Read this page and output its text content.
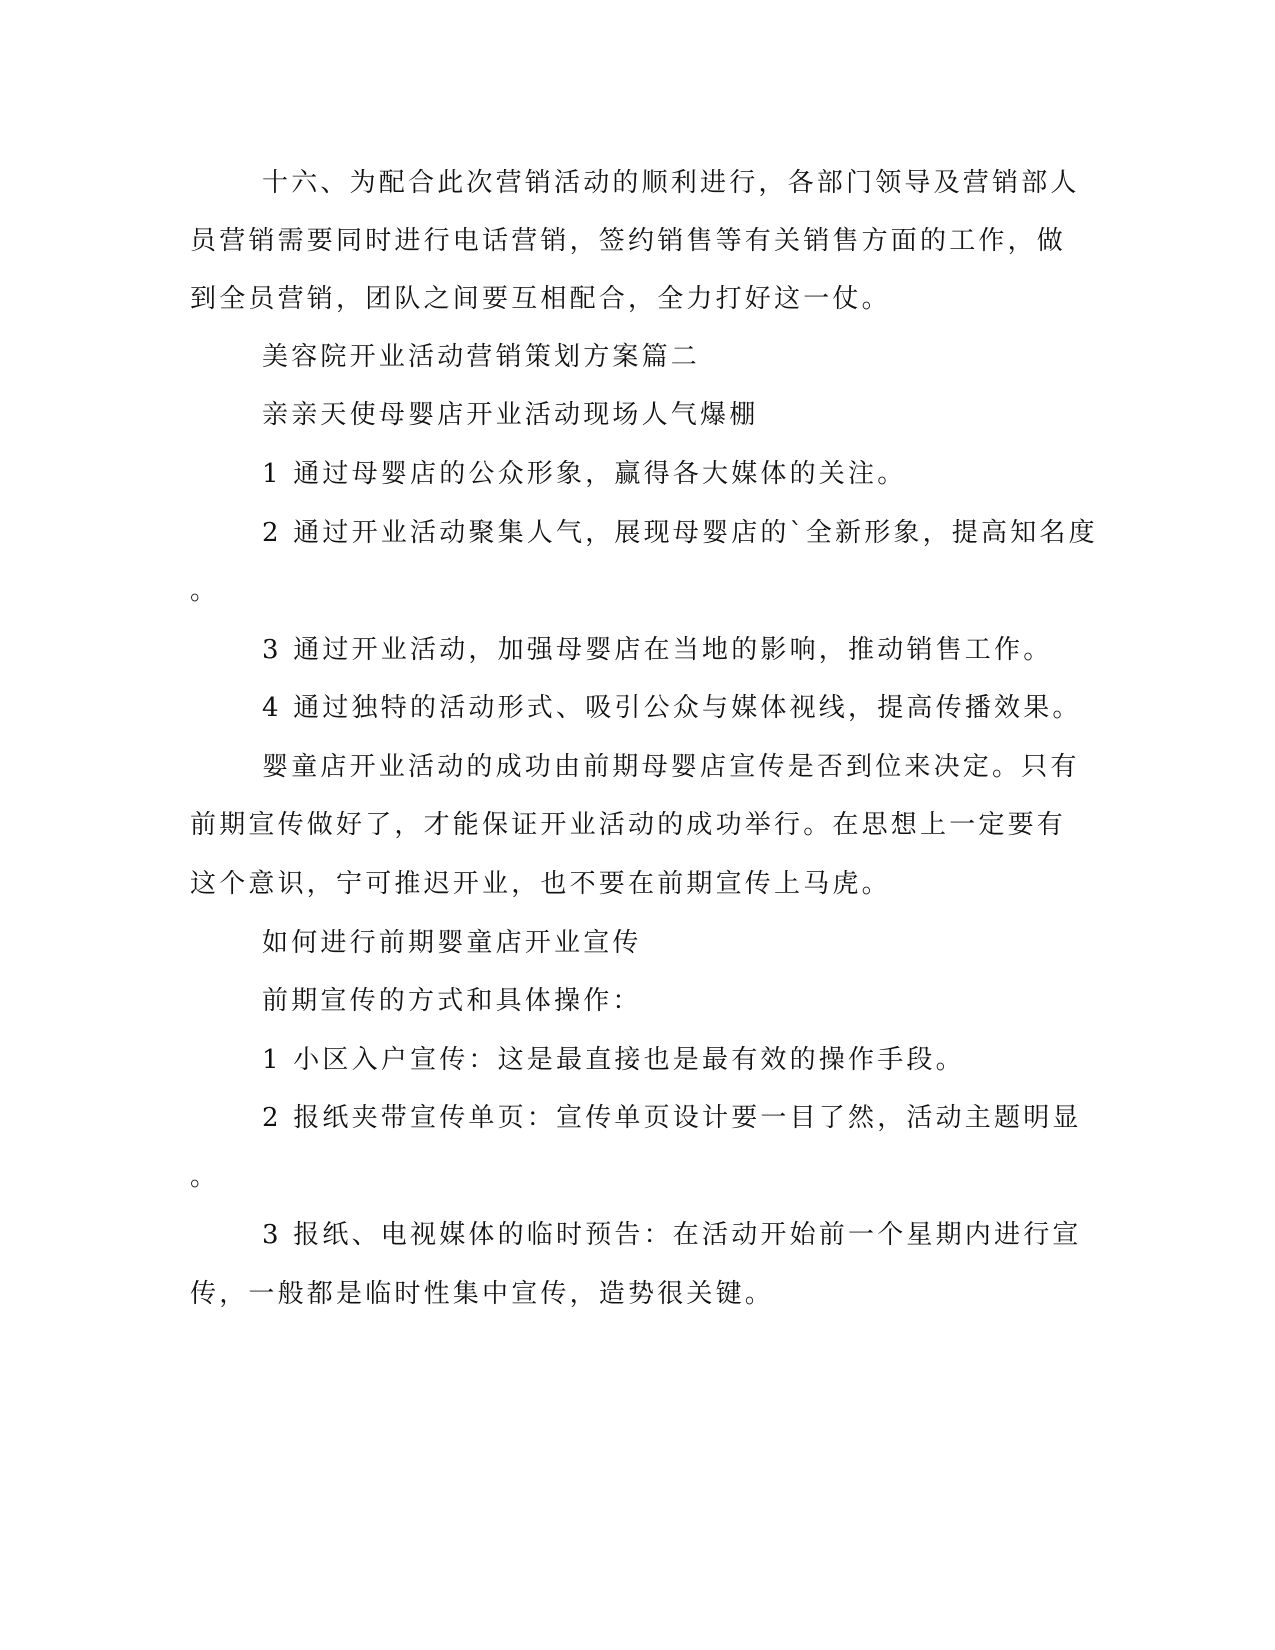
十六、为配合此次营销活动的顺利进行，各部门领导及营销部人
员营销需要同时进行电话营销，签约销售等有关销售方面的工作，做
到全员营销，团队之间要互相配合，全力打好这一仗。
美容院开业活动营销策划方案篇二
亲亲天使母婴店开业活动现场人气爆棚
1 通过母婴店的公众形象，赢得各大媒体的关注。
2 通过开业活动聚集人气，展现母婴店的`全新形象，提高知名度
。
3 通过开业活动，加强母婴店在当地的影响，推动销售工作。
4 通过独特的活动形式、吸引公众与媒体视线，提高传播效果。
婴童店开业活动的成功由前期母婴店宣传是否到位来决定。只有
前期宣传做好了，才能保证开业活动的成功举行。在思想上一定要有
这个意识，宁可推迟开业，也不要在前期宣传上马虎。
如何进行前期婴童店开业宣传
前期宣传的方式和具体操作：
1 小区入户宣传：这是最直接也是最有效的操作手段。
2 报纸夹带宣传单页：宣传单页设计要一目了然，活动主题明显
。
3 报纸、电视媒体的临时预告：在活动开始前一个星期内进行宣
传，一般都是临时性集中宣传，造势很关键。
